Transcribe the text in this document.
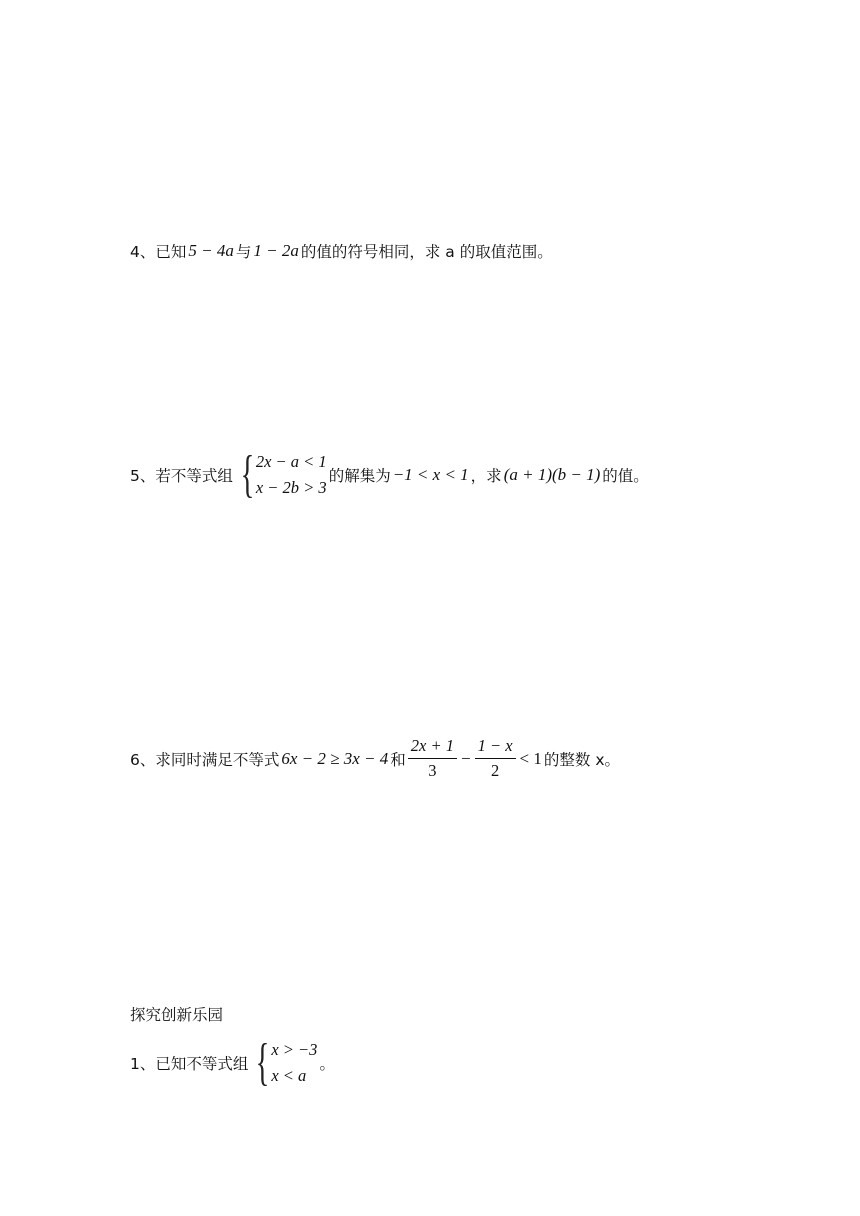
4、已知 5 − 4a 与 1 − 2a 的值的符号相同，求 a 的取值范围。
5、若不等式组 { 2x − a < 1
x − 2b > 3
的解集为 −1 < x < 1 ，求 (a + 1)(b − 1) 的值。
6、求同时满足不等式 6x − 2 ≥ 3x − 4 和 $\frac{2x + 1}{3} - \frac{1 - x}{2} < 1$ 的整数 x。
探究创新乐园
1、已知不等式组 { x > −3
x < a
。
